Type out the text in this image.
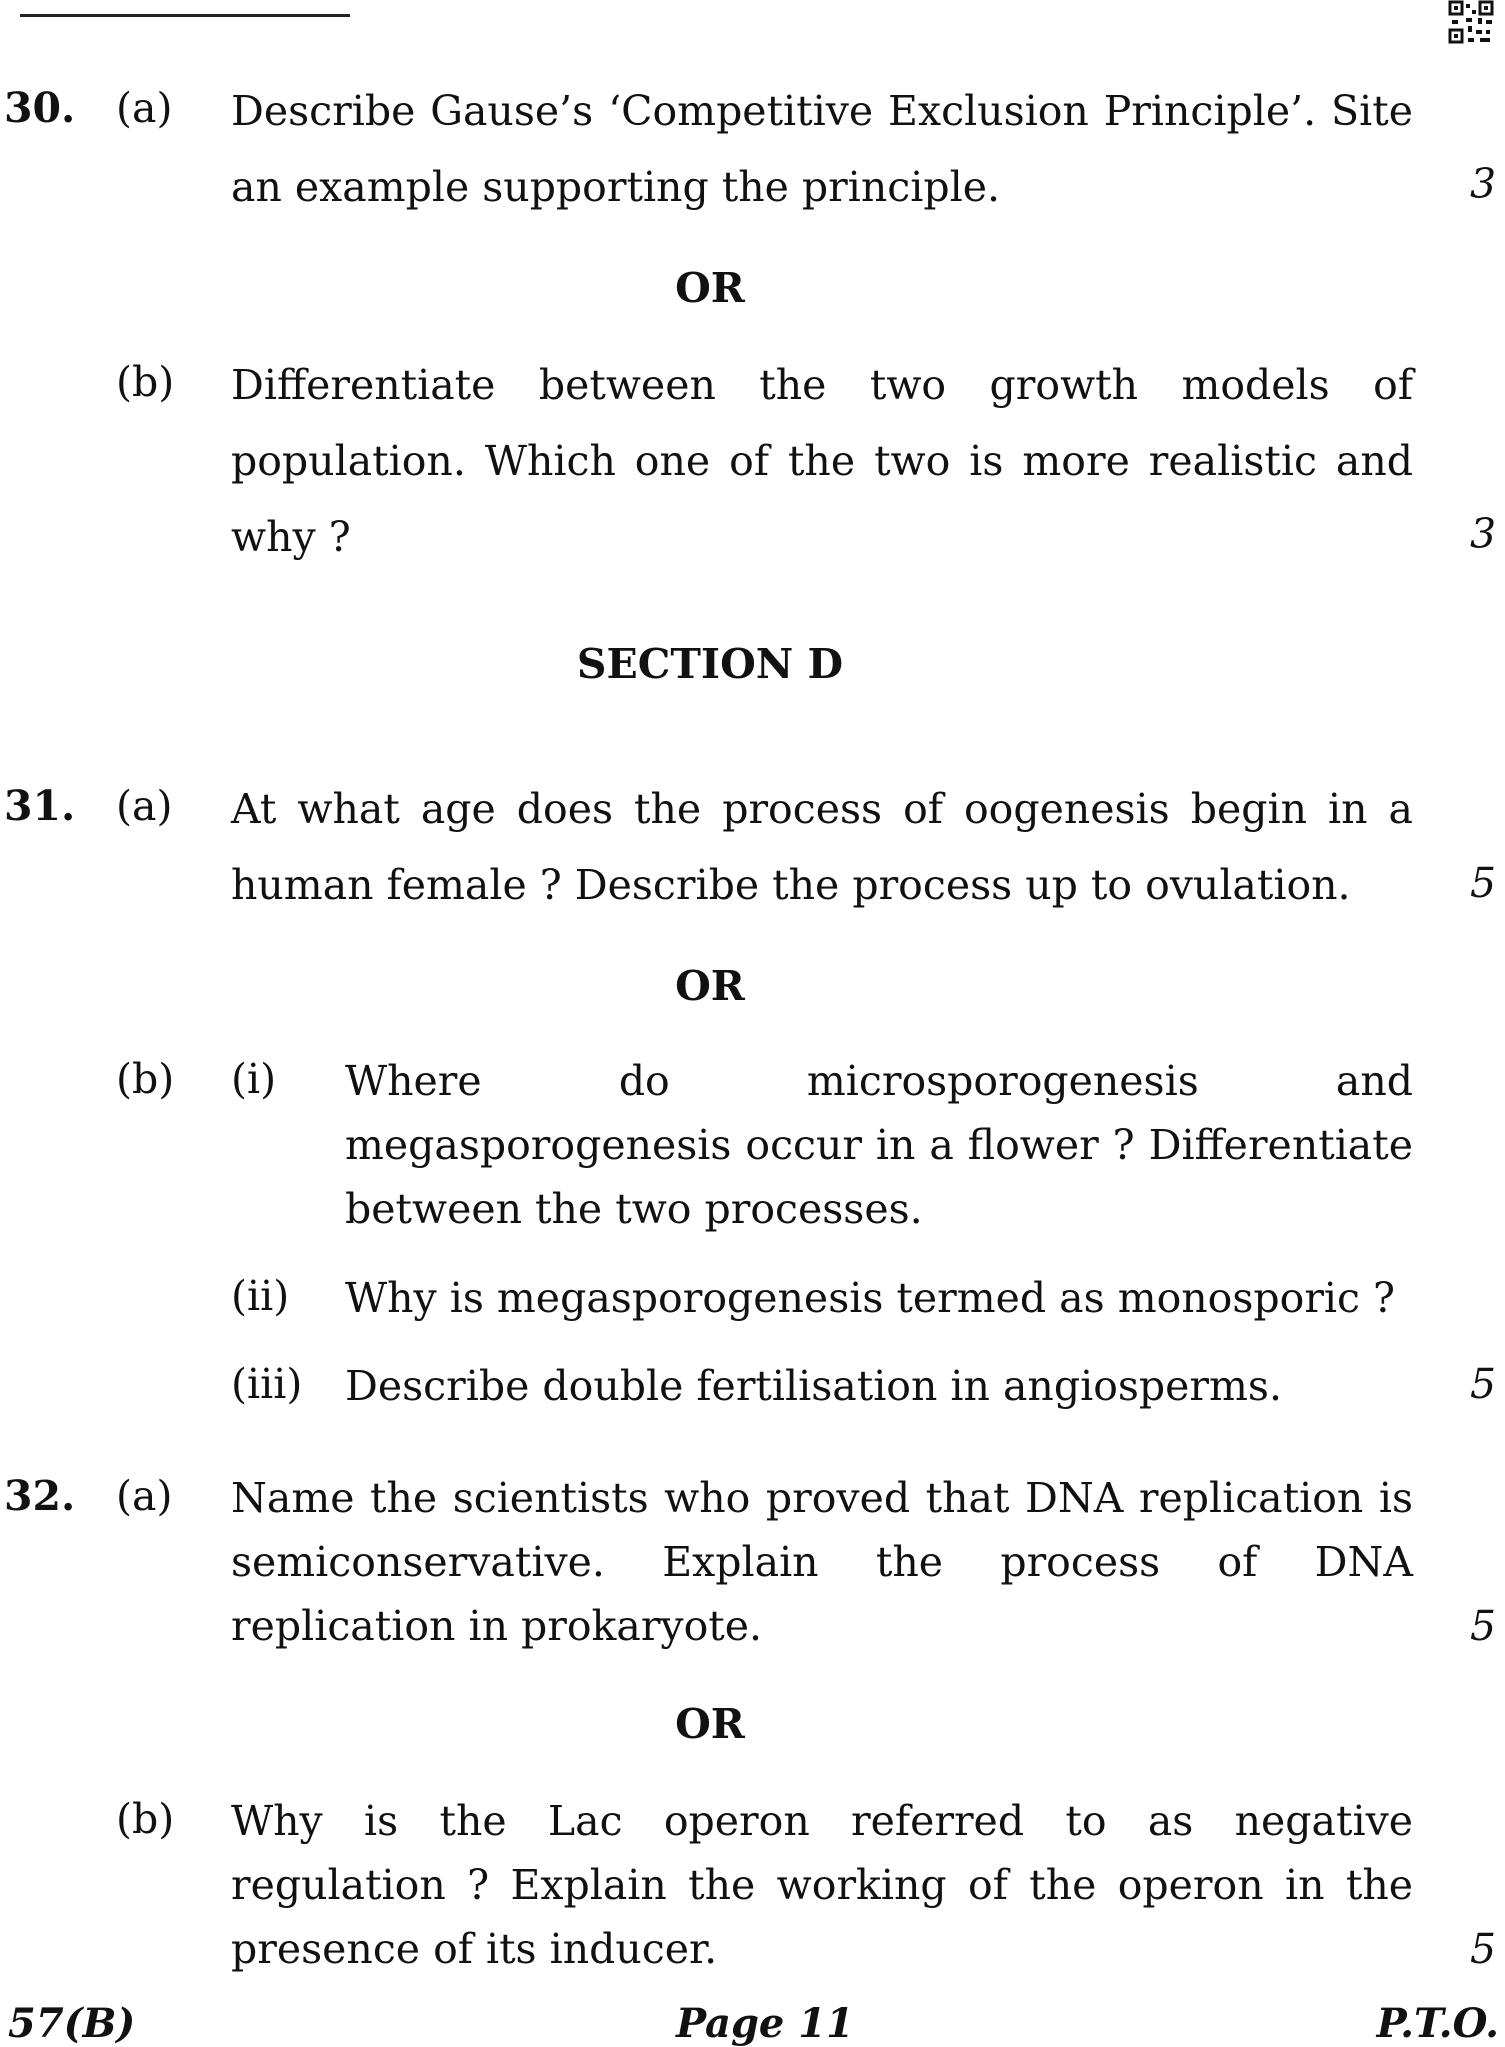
30. (a) Describe Gause’s ‘Competitive Exclusion Principle’. Site an example supporting the principle.	3
OR
(b) Differentiate between the two growth models of population. Which one of the two is more realistic and why ?	3
SECTION D
31. (a) At what age does the process of oogenesis begin in a human female ? Describe the process up to ovulation.	5
OR
(b) (i) Where do microsporogenesis and megasporogenesis occur in a flower ? Differentiate between the two processes.
(ii) Why is megasporogenesis termed as monosporic ?
(iii) Describe double fertilisation in angiosperms.	5
32. (a) Name the scientists who proved that DNA replication is semiconservative. Explain the process of DNA replication in prokaryote.	5
OR
(b) Why is the Lac operon referred to as negative regulation ? Explain the working of the operon in the presence of its inducer.	5
57(B)	Page 11	P.T.O.
